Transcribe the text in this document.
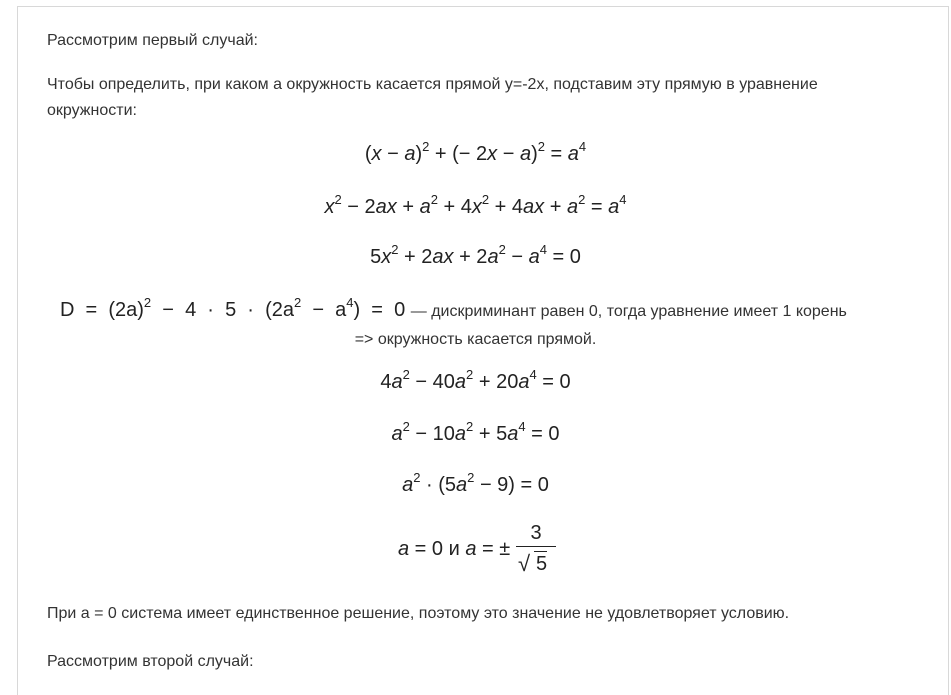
Рассмотрим первый случай:
Чтобы определить, при каком а окружность касается прямой у=-2х, подставим эту прямую в уравнение окружности:
$(x - a)^2$ + (− $2x - a)^2 = a^4$
$x^2 - 2ax + a^2 + 4x^2 + 4ax + a^2 = a^4$
$5x^2 + 2ax + 2a^2 - a^4 = 0$
$D = (2a)^2 - 4 \cdot 5 \cdot (2a^2 - a^4) = 0$ — дискриминант равен 0, тогда уравнение имеет 1 корень
=> окружность касается прямой.
$4a^2 - 40a^2 + 20a^4 = 0$
$a^2 - 10a^2 + 5a^4 = 0$
$a^2 \cdot (5a^2 - 9) = 0$
a = 0 и a = ±
3
√ 5
При а = 0 система имеет единственное решение, поэтому это значение не удовлетворяет условию.
Рассмотрим второй случай:
